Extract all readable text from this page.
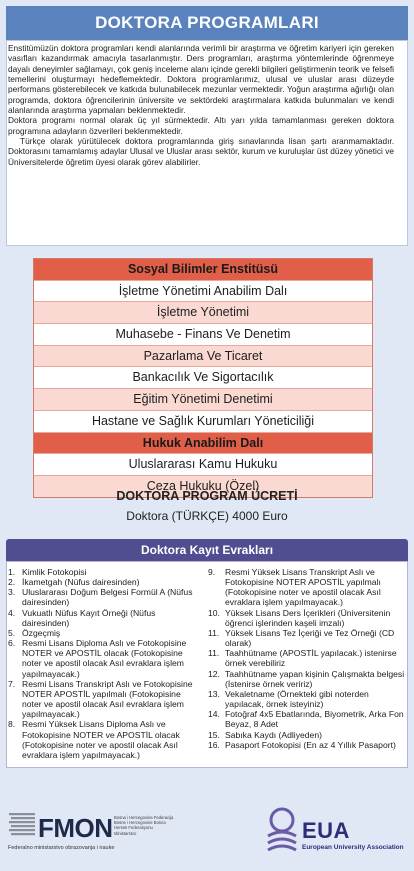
DOKTORA PROGRAMLARI

Enstitümüzün doktora programları kendi alanlarında verimli bir araştırma ve öğretim kariyeri için gereken vasıfları kazandırmak amacıyla tasarlanmıştır. Ders programları, araştırma yöntemlerinde öğrenmeye dayalı deneyimler sağlamayı, çok geniş inceleme alanı içinde gerekli bilgileri geliştirmenin teorik ve felsefi temellerini oluşturmayı hedeflemektedir. Doktora programlarımız, ulusal ve uluslar arası düzeyde performans gösterebilecek ve katkıda bulunabilecek mezunlar vermektedir. Yoğun araştırma ağırlığı olan programda, doktora öğrencilerinin üniversite ve sektördeki araştırmalara katkıda bulunmaları ve kendi alanlarında araştırma yapmaları beklenmektedir.

Doktora programı normal olarak üç yıl sürmektedir. Altı yarı yılda tamamlanması gereken doktora programına adayların özverileri beklenmektedir.

Türkçe olarak yürütülecek doktora programlarında giriş sınavlarında lisan şartı aranmamaktadır. Doktorasını tamamlamış adaylar Ulusal ve Uluslar arası sektör, kurum ve kuruluşlar üst düzey yönetici ve Üniversitelerde öğretim üyesi olarak görev alabilirler.

Sosyal Bilimler Enstitüsü
İşletme Yönetimi Anabilim Dalı
İşletme Yönetimi
Muhasebe - Finans Ve Denetim
Pazarlama Ve Ticaret
Bankacılık Ve Sigortacılık
Eğitim Yönetimi Denetimi
Hastane ve Sağlık Kurumları Yöneticiliği
Hukuk Anabilim Dalı
Uluslararası Kamu Hukuku
Ceza Hukuku (Özel)
DOKTORA PROGRAM ÜCRETİ
Doktora (TÜRKÇE) 4000 Euro
Doktora Kayıt Evrakları
1. Kimlik Fotokopisi
2. İkametgah (Nüfus dairesinden)
3. Uluslararası Doğum Belgesi Formül A (Nüfus dairesinden)
4. Vukuatlı Nüfus Kayıt Örneği (Nüfus dairesinden)
5. Özgeçmiş
6. Resmi Lisans Diploma Aslı ve Fotokopisine NOTER ve APOSTİL olacak (Fotokopisine noter ve apostil olacak Asıl evraklara işlem yapılmayacak.)
7. Resmi Lisans Transkript Aslı ve Fotokopisine NOTER APOSTİL yapılmalı (Fotokopisine noter ve apostil olacak Asıl evraklara işlem yapılmayacak.)
8. Resmi Yüksek Lisans Diploma Aslı ve Fotokopisine NOTER ve APOSTİL olacak (Fotokopisine noter ve apostil olacak Asıl evraklara işlem yapılmayacak.)
9.	Resmi Yüksek Lisans Transkript Aslı ve Fotokopisine NOTER APOSTİL yapılmalı (Fotokopisine noter ve apostil olacak Asıl evraklara işlem yapılmayacak.)
10. Yüksek Lisans Ders İçerikleri (Üniversitenin öğrenci işlerinden kaşeli imzalı)
11. Yüksek Lisans Tez İçeriği ve Tez Örneği (CD olarak)
11. Taahhütname (APOSTİL yapılacak.) istenirse örnek verebiliriz
12. Taahhütname yapan kişinin Çalışmakta belgesi (İstenirse örnek veririz)
13. Vekaletname (Örnekteki gibi noterden yapılacak, örnek isteyiniz)
14. Fotoğraf 4x5 Ebatlarında, Biyometrik, Arka Fon Beyaz, 8 Adet
15. Sabıka Kaydı (Adliyeden)
16. Pasaport Fotokopisi (En az 4 Yıllık Pasaport)
FMON Bosna i Hercegovina Federacija Bosne i Hercegovine Bosna Hersek Federasyonu Ministarstvo
Federalno ministarstvo obrazovanja i nauke
EUA
European University Association
